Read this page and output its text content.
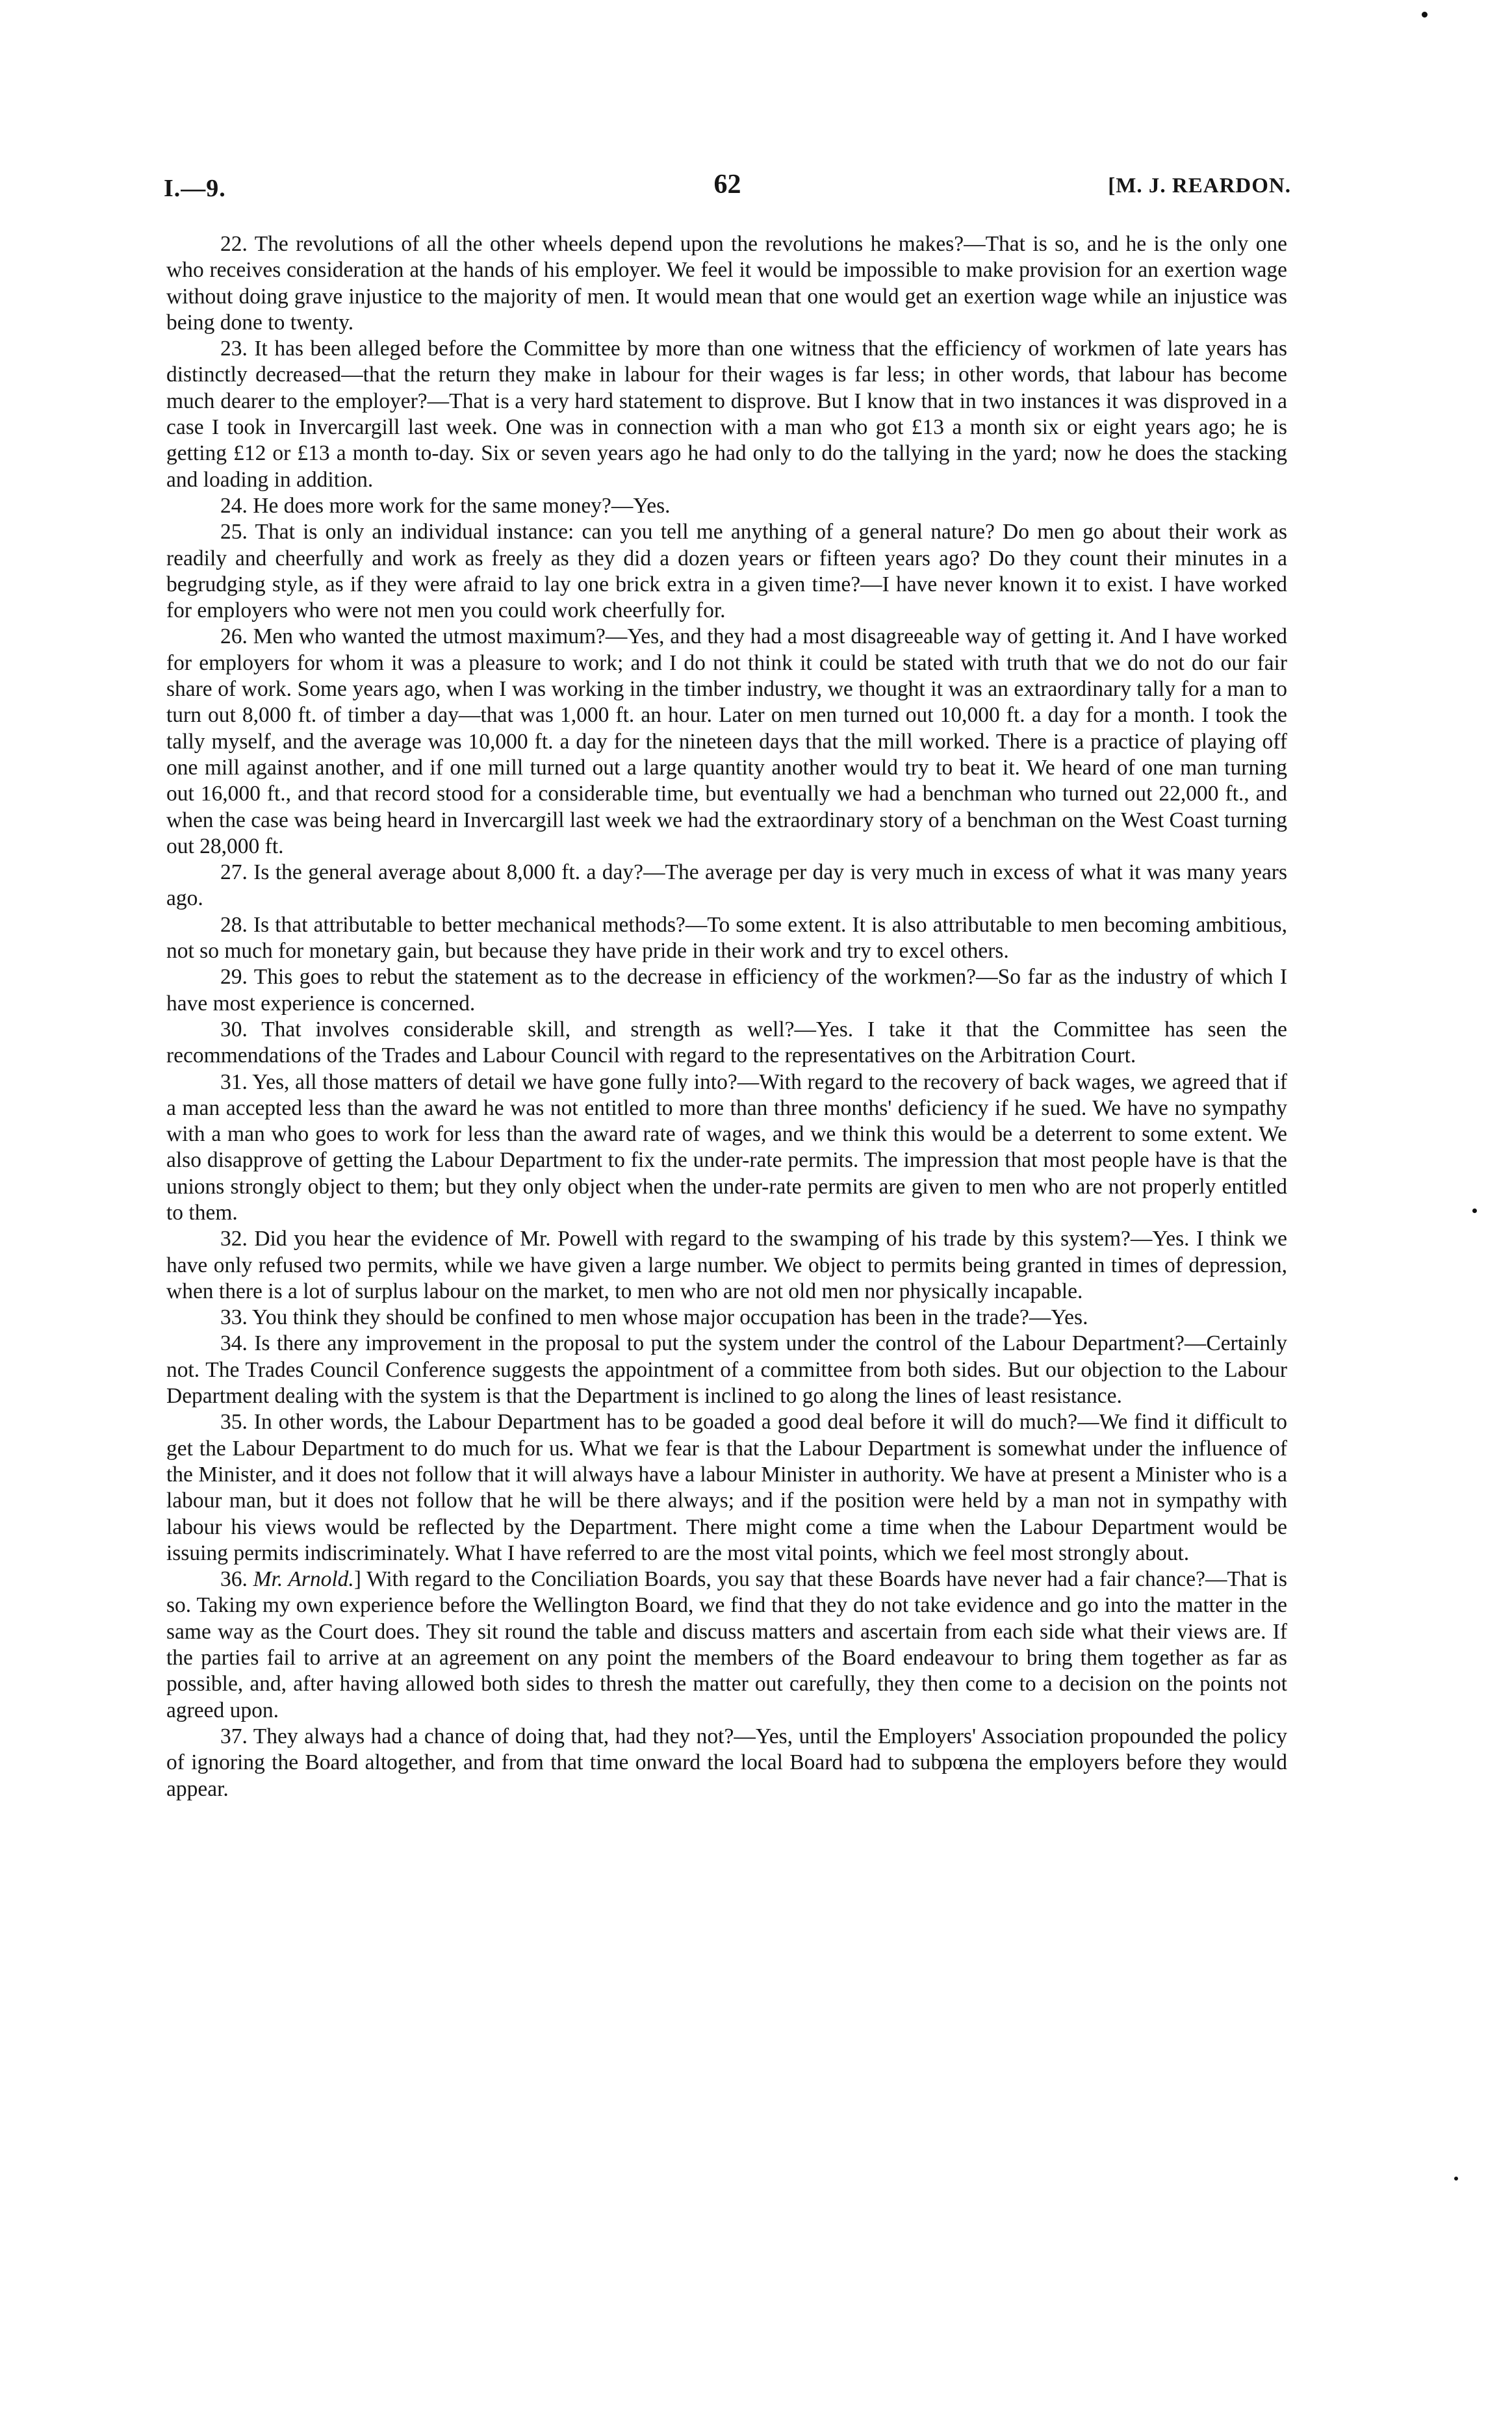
I.—9.	62	[M. J. REARDON.

22. The revolutions of all the other wheels depend upon the revolutions he makes?—That is so, and he is the only one who receives consideration at the hands of his employer. We feel it would be impossible to make provision for an exertion wage without doing grave injustice to the majority of men. It would mean that one would get an exertion wage while an injustice was being done to twenty.

23. It has been alleged before the Committee by more than one witness that the efficiency of workmen of late years has distinctly decreased—that the return they make in labour for their wages is far less; in other words, that labour has become much dearer to the employer?—That is a very hard statement to disprove. But I know that in two instances it was disproved in a case I took in Invercargill last week. One was in connection with a man who got £13 a month six or eight years ago; he is getting £12 or £13 a month to-day. Six or seven years ago he had only to do the tallying in the yard; now he does the stacking and loading in addition.

24. He does more work for the same money?—Yes.

25. That is only an individual instance: can you tell me anything of a general nature? Do men go about their work as readily and cheerfully and work as freely as they did a dozen years or fifteen years ago? Do they count their minutes in a begrudging style, as if they were afraid to lay one brick extra in a given time?—I have never known it to exist. I have worked for employers who were not men you could work cheerfully for.

26. Men who wanted the utmost maximum?—Yes, and they had a most disagreeable way of getting it. And I have worked for employers for whom it was a pleasure to work; and I do not think it could be stated with truth that we do not do our fair share of work. Some years ago, when I was working in the timber industry, we thought it was an extraordinary tally for a man to turn out 8,000 ft. of timber a day—that was 1,000 ft. an hour. Later on men turned out 10,000 ft. a day for a month. I took the tally myself, and the average was 10,000 ft. a day for the nineteen days that the mill worked. There is a practice of playing off one mill against another, and if one mill turned out a large quantity another would try to beat it. We heard of one man turning out 16,000 ft., and that record stood for a considerable time, but eventually we had a benchman who turned out 22,000 ft., and when the case was being heard in Invercargill last week we had the extraordinary story of a benchman on the West Coast turning out 28,000 ft.

27. Is the general average about 8,000 ft. a day?—The average per day is very much in excess of what it was many years ago.

28. Is that attributable to better mechanical methods?—To some extent. It is also attributable to men becoming ambitious, not so much for monetary gain, but because they have pride in their work and try to excel others.

29. This goes to rebut the statement as to the decrease in efficiency of the workmen?—So far as the industry of which I have most experience is concerned.

30. That involves considerable skill, and strength as well?—Yes. I take it that the Committee has seen the recommendations of the Trades and Labour Council with regard to the representatives on the Arbitration Court.

31. Yes, all those matters of detail we have gone fully into?—With regard to the recovery of back wages, we agreed that if a man accepted less than the award he was not entitled to more than three months' deficiency if he sued. We have no sympathy with a man who goes to work for less than the award rate of wages, and we think this would be a deterrent to some extent. We also disapprove of getting the Labour Department to fix the under-rate permits. The impression that most people have is that the unions strongly object to them; but they only object when the under-rate permits are given to men who are not properly entitled to them.

32. Did you hear the evidence of Mr. Powell with regard to the swamping of his trade by this system?—Yes. I think we have only refused two permits, while we have given a large number. We object to permits being granted in times of depression, when there is a lot of surplus labour on the market, to men who are not old men nor physically incapable.

33. You think they should be confined to men whose major occupation has been in the trade?—Yes.

34. Is there any improvement in the proposal to put the system under the control of the Labour Department?—Certainly not. The Trades Council Conference suggests the appointment of a committee from both sides. But our objection to the Labour Department dealing with the system is that the Department is inclined to go along the lines of least resistance.

35. In other words, the Labour Department has to be goaded a good deal before it will do much?—We find it difficult to get the Labour Department to do much for us. What we fear is that the Labour Department is somewhat under the influence of the Minister, and it does not follow that it will always have a labour Minister in authority. We have at present a Minister who is a labour man, but it does not follow that he will be there always; and if the position were held by a man not in sympathy with labour his views would be reflected by the Department. There might come a time when the Labour Department would be issuing permits indiscriminately. What I have referred to are the most vital points, which we feel most strongly about.

36. Mr. Arnold.] With regard to the Conciliation Boards, you say that these Boards have never had a fair chance?—That is so. Taking my own experience before the Wellington Board, we find that they do not take evidence and go into the matter in the same way as the Court does. They sit round the table and discuss matters and ascertain from each side what their views are. If the parties fail to arrive at an agreement on any point the members of the Board endeavour to bring them together as far as possible, and, after having allowed both sides to thresh the matter out carefully, they then come to a decision on the points not agreed upon.

37. They always had a chance of doing that, had they not?—Yes, until the Employers' Association propounded the policy of ignoring the Board altogether, and from that time onward the local Board had to subpœna the employers before they would appear.
